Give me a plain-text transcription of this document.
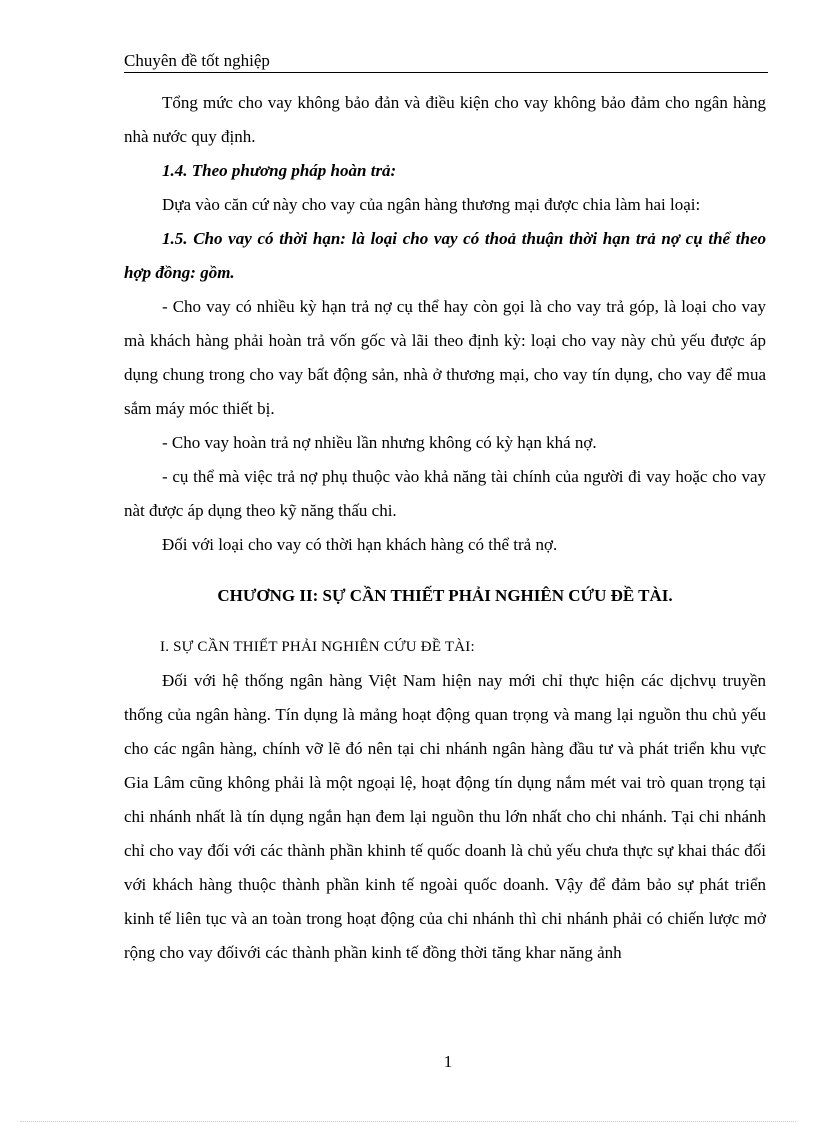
Chuyên đề tốt nghiệp

Tổng mức cho vay không bảo đản và điều kiện cho vay không bảo đảm cho ngân hàng nhà nước quy định.

1.4. Theo phương pháp hoàn trả:

Dựa vào căn cứ này cho vay của ngân hàng thương mại được chia làm hai loại:

1.5. Cho vay có thời hạn: là loại cho vay có thoả thuận thời hạn trả nợ cụ thể theo hợp đồng: gồm.

- Cho vay có nhiều kỳ hạn trả nợ cụ thể hay còn gọi là cho vay trả góp, là loại cho vay mà khách hàng phải hoàn trả vốn gốc và lãi theo định kỳ: loại cho vay này chủ yếu được áp dụng chung trong cho vay bất động sản, nhà ở thương mại, cho vay tín dụng, cho vay để mua sắm máy móc thiết bị.

- Cho vay hoàn trả nợ nhiều lần nhưng không có kỳ hạn khá nợ.

- cụ thể mà việc trả nợ phụ thuộc vào khả năng tài chính của người đi vay hoặc cho vay nàt được áp dụng theo kỹ năng thấu chi.

Đối với loại cho vay có thời hạn khách hàng có thể trả nợ.

CHƯƠNG II: SỰ CẦN THIẾT PHẢI NGHIÊN CỨU ĐỀ TÀI.

I. SỰ CẦN THIẾT PHẢI NGHIÊN CỨU ĐỀ TÀI:

Đối với hệ thống ngân hàng Việt Nam hiện nay mới chỉ thực hiện các dịchvụ truyền thống của ngân hàng. Tín dụng là mảng hoạt động quan trọng và mang lại nguồn thu chủ yếu cho các ngân hàng, chính vỡ lẽ đó nên tại chi nhánh ngân hàng đầu tư và phát triển khu vực Gia Lâm cũng không phải là một ngoại lệ, hoạt động tín dụng nắm mét vai trò quan trọng tại chi nhánh nhất là tín dụng ngắn hạn đem lại nguồn thu lớn nhất cho chi nhánh. Tại chi nhánh chỉ cho vay đối với các thành phần khinh tế quốc doanh là chủ yếu chưa thực sự khai thác đối với khách hàng thuộc thành phần kinh tế ngoài quốc doanh. Vậy để đảm bảo sự phát triển kinh tế liên tục và an toàn trong hoạt động của chi nhánh thì chi nhánh phải có chiến lược mở rộng cho vay đốivới các thành phần kinh tế đồng thời tăng khar năng ảnh

1
